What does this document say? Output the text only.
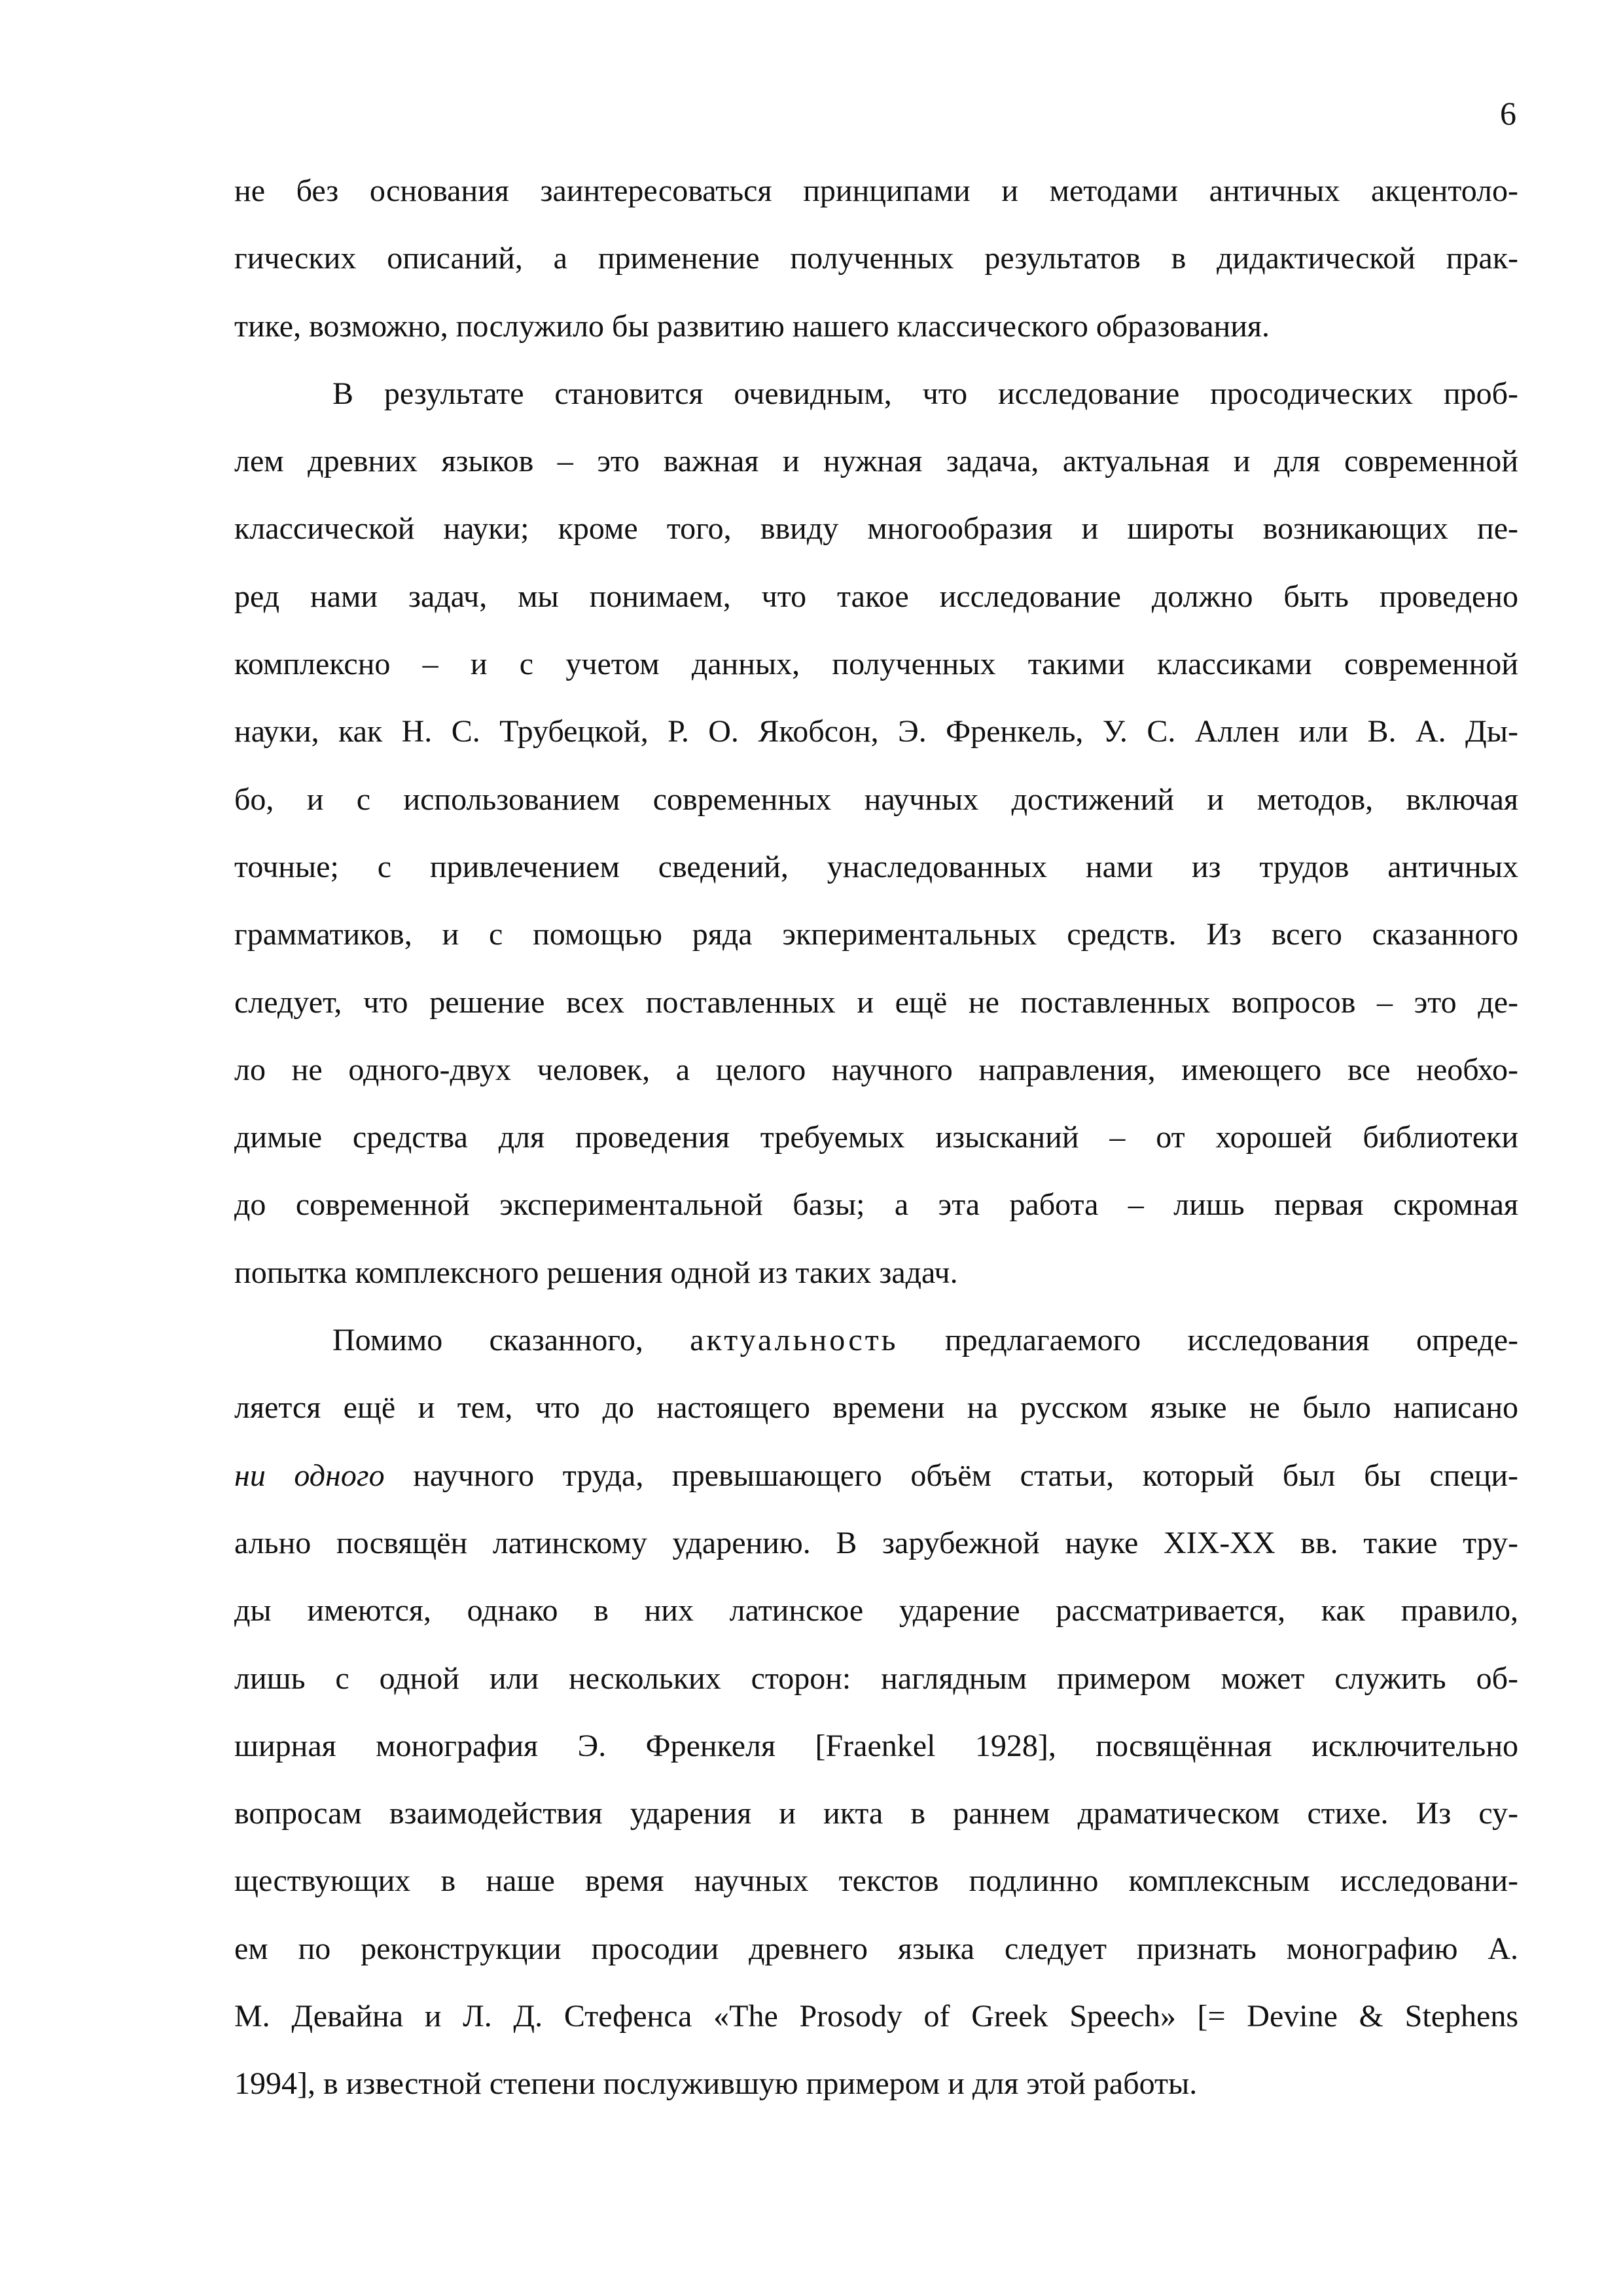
6
не без основания заинтересоваться принципами и методами античных акцентоло-
гических описаний, а применение полученных результатов в дидактической прак-
тике, возможно, послужило бы развитию нашего классического образования.
В результате становится очевидным, что исследование просодических проб-
лем древних языков – это важная и нужная задача, актуальная и для современной
классической науки; кроме того, ввиду многообразия и широты возникающих пе-
ред нами задач, мы понимаем, что такое исследование должно быть проведено
комплексно – и с учетом данных, полученных такими классиками современной
науки, как Н. С. Трубецкой, Р. О. Якобсон, Э. Френкель, У. С. Аллен или В. А. Ды-
бо, и с использованием современных научных достижений и методов, включая
точные; с привлечением сведений, унаследованных нами из трудов античных
грамматиков, и с помощью ряда экпериментальных средств. Из всего сказанного
следует, что решение всех поставленных и ещё не поставленных вопросов – это де-
ло не одного-двух человек, а целого научного направления, имеющего все необхо-
димые средства для проведения требуемых изысканий – от хорошей библиотеки
до современной экспериментальной базы; а эта работа – лишь первая скромная
попытка комплексного решения одной из таких задач.
Помимо сказанного, актуальность предлагаемого исследования опреде-
ляется ещё и тем, что до настоящего времени на русском языке не было написано
ни одного научного труда, превышающего объём статьи, который был бы специ-
ально посвящён латинскому ударению. В зарубежной науке XIX-XX вв. такие тру-
ды имеются, однако в них латинское ударение рассматривается, как правило,
лишь с одной или нескольких сторон: наглядным примером может служить об-
ширная монография Э. Френкеля [Fraenkel 1928], посвящённая исключительно
вопросам взаимодействия ударения и икта в раннем драматическом стихе. Из су-
ществующих в наше время научных текстов подлинно комплексным исследовани-
ем по реконструкции просодии древнего языка следует признать монографию А.
М. Девайна и Л. Д. Стефенса «The Prosody of Greek Speech» [= Devine & Stephens
1994], в известной степени послужившую примером и для этой работы.
